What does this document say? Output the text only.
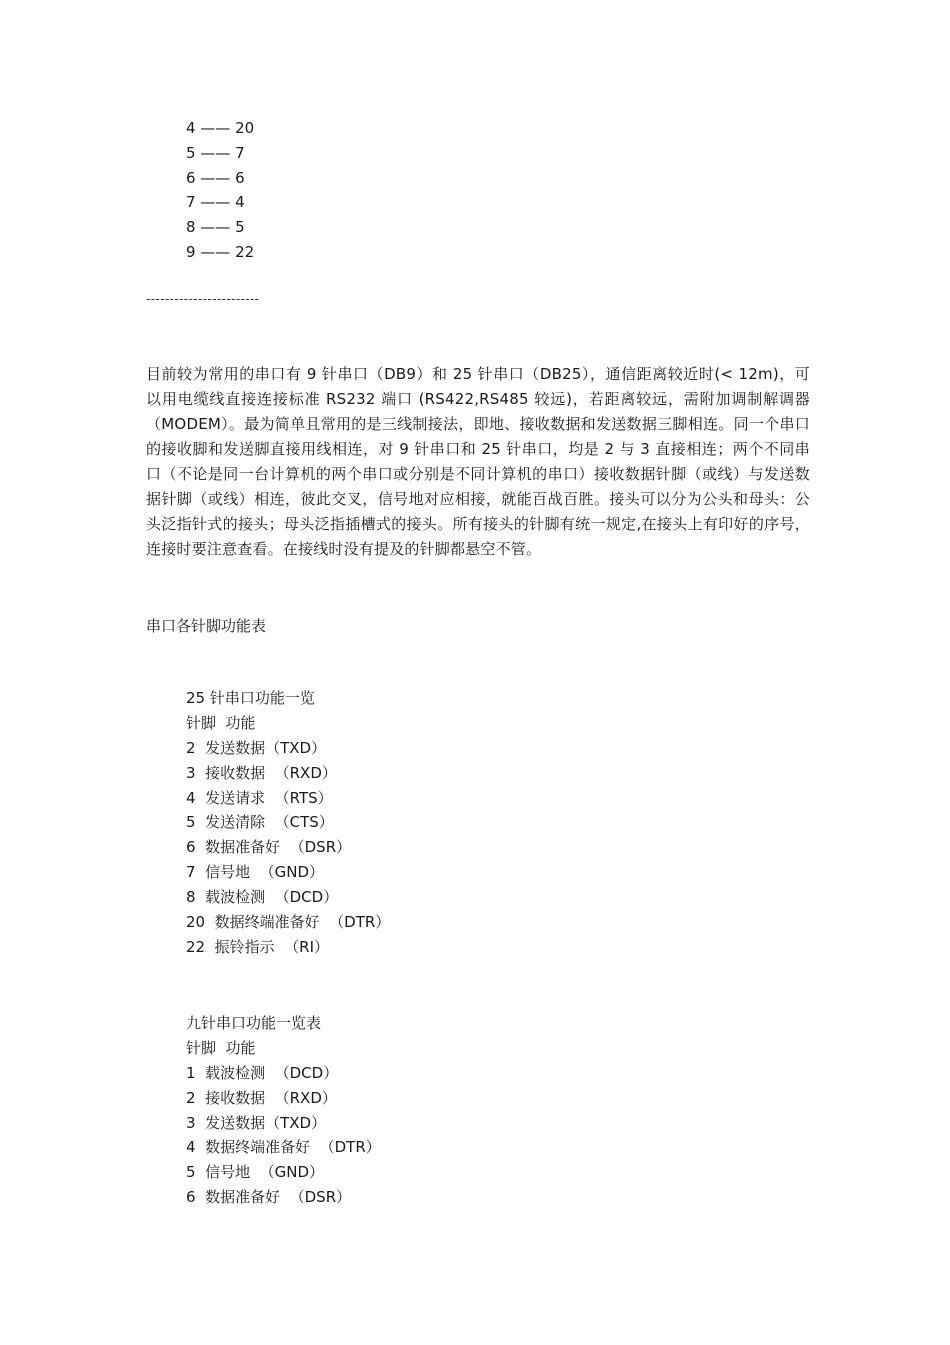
4 —— 20
5 —— 7
6 —— 6
7 —— 4
8 —— 5
9 —— 22
------------------------

目前较为常用的串口有 9 针串口（DB9）和 25 针串口（DB25），通信距离较近时(< 12m)，可以用电缆线直接连接标准 RS232 端口 (RS422,RS485 较远)，若距离较远，需附加调制解调器（MODEM）。最为简单且常用的是三线制接法，即地、接收数据和发送数据三脚相连。同一个串口的接收脚和发送脚直接用线相连，对 9 针串口和 25 针串口，均是 2 与 3 直接相连；两个不同串口（不论是同一台计算机的两个串口或分别是不同计算机的串口）接收数据针脚（或线）与发送数据针脚（或线）相连，彼此交叉，信号地对应相接，就能百战百胜。接头可以分为公头和母头：公头泛指针式的接头；母头泛指插槽式的接头。所有接头的针脚有统一规定,在接头上有印好的序号，连接时要注意查看。在接线时没有提及的针脚都悬空不管。

串口各针脚功能表
25 针串口功能一览
针脚  功能
2  发送数据（TXD）
3  接收数据  （RXD）
4  发送请求  （RTS）
5  发送清除  （CTS）
6  数据准备好  （DSR）
7  信号地  （GND）
8  载波检测  （DCD）
20  数据终端准备好  （DTR）
22  振铃指示  （RI）
九针串口功能一览表
针脚  功能
1  载波检测  （DCD）
2  接收数据  （RXD）
3  发送数据（TXD）
4  数据终端准备好  （DTR）
5  信号地  （GND）
6  数据准备好  （DSR）
